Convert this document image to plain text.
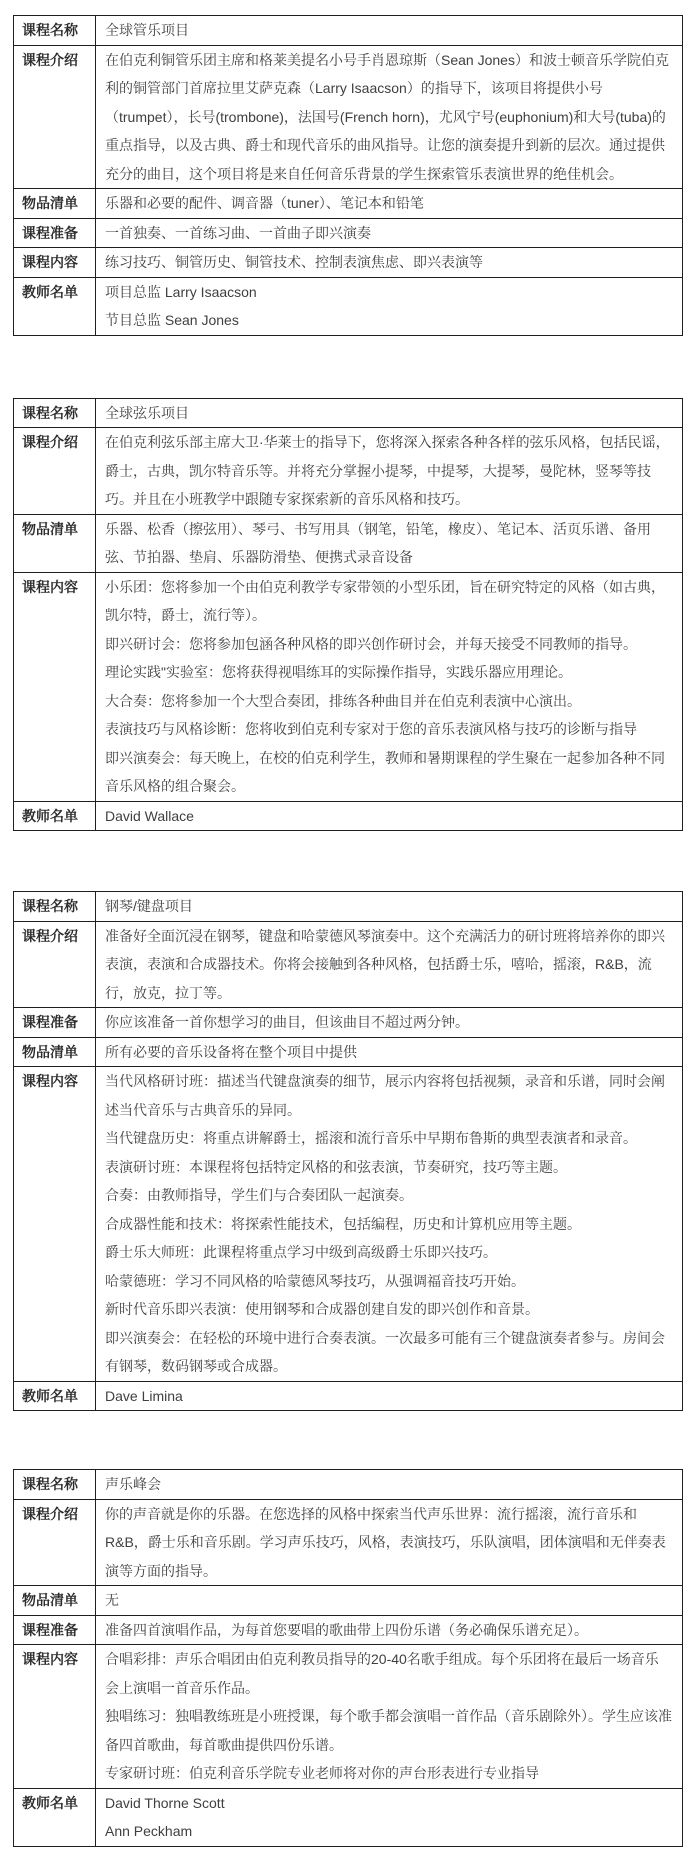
课程名称	全球管乐项目

课程介绍	在伯克利铜管乐团主席和格莱美提名小号手肖恩琼斯（Sean Jones）和波士顿音乐学院伯克利的铜管部门首席拉里艾萨克森（Larry Isaacson）的指导下，该项目将提供小号（trumpet），长号(trombone)，法国号(French horn)，尤风宁号(euphonium)和大号(tuba)的重点指导，以及古典、爵士和现代音乐的曲风指导。让您的演奏提升到新的层次。通过提供充分的曲目，这个项目将是来自任何音乐背景的学生探索管乐表演世界的绝佳机会。

物品清单	乐器和必要的配件、调音器（tuner）、笔记本和铅笔

课程准备	一首独奏、一首练习曲、一首曲子即兴演奏

课程内容	练习技巧、铜管历史、铜管技术、控制表演焦虑、即兴表演等

教师名单	项目总监 Larry Isaacson
节目总监 Sean Jones
课程名称	全球弦乐项目

课程介绍	在伯克利弦乐部主席大卫·华莱士的指导下，您将深入探索各种各样的弦乐风格，包括民谣，爵士，古典，凯尔特音乐等。并将充分掌握小提琴，中提琴，大提琴，曼陀林，竖琴等技巧。并且在小班教学中跟随专家探索新的音乐风格和技巧。

物品清单	乐器、松香（擦弦用）、琴弓、书写用具（钢笔，铅笔，橡皮）、笔记本、活页乐谱、备用弦、节拍器、垫肩、乐器防滑垫、便携式录音设备

课程内容	小乐团：您将参加一个由伯克利教学专家带领的小型乐团，旨在研究特定的风格（如古典，凯尔特，爵士，流行等）。
即兴研讨会：您将参加包涵各种风格的即兴创作研讨会，并每天接受不同教师的指导。
理论实践"实验室：您将获得视唱练耳的实际操作指导，实践乐器应用理论。
大合奏：您将参加一个大型合奏团，排练各种曲目并在伯克利表演中心演出。
表演技巧与风格诊断：您将收到伯克利专家对于您的音乐表演风格与技巧的诊断与指导
即兴演奏会：每天晚上，在校的伯克利学生，教师和暑期课程的学生聚在一起参加各种不同音乐风格的组合聚会。

教师名单	David Wallace
课程名称	钢琴/键盘项目

课程介绍	准备好全面沉浸在钢琴，键盘和哈蒙德风琴演奏中。这个充满活力的研讨班将培养你的即兴表演，表演和合成器技术。你将会接触到各种风格，包括爵士乐，嘻哈，摇滚，R&B，流行，放克，拉丁等。

课程准备	你应该准备一首你想学习的曲目，但该曲目不超过两分钟。

物品清单	所有必要的音乐设备将在整个项目中提供

课程内容	当代风格研讨班：描述当代键盘演奏的细节，展示内容将包括视频，录音和乐谱，同时会阐述当代音乐与古典音乐的异同。
当代键盘历史：将重点讲解爵士，摇滚和流行音乐中早期布鲁斯的典型表演者和录音。
表演研讨班：本课程将包括特定风格的和弦表演，节奏研究，技巧等主题。
合奏：由教师指导，学生们与合奏团队一起演奏。
合成器性能和技术：将探索性能技术，包括编程，历史和计算机应用等主题。
爵士乐大师班：此课程将重点学习中级到高级爵士乐即兴技巧。
哈蒙德班：学习不同风格的哈蒙德风琴技巧，从强调福音技巧开始。
新时代音乐即兴表演：使用钢琴和合成器创建自发的即兴创作和音景。
即兴演奏会：在轻松的环境中进行合奏表演。一次最多可能有三个键盘演奏者参与。房间会有钢琴，数码钢琴或合成器。

教师名单	Dave Limina
课程名称	声乐峰会

课程介绍	你的声音就是你的乐器。在您选择的风格中探索当代声乐世界：流行摇滚，流行音乐和R&B，爵士乐和音乐剧。学习声乐技巧，风格，表演技巧，乐队演唱，团体演唱和无伴奏表演等方面的指导。

物品清单	无

课程准备	准备四首演唱作品，为每首您要唱的歌曲带上四份乐谱（务必确保乐谱充足）。

课程内容	合唱彩排：声乐合唱团由伯克利教员指导的20-40名歌手组成。每个乐团将在最后一场音乐会上演唱一首音乐作品。
独唱练习：独唱教练班是小班授课，每个歌手都会演唱一首作品（音乐剧除外）。学生应该准备四首歌曲，每首歌曲提供四份乐谱。
专家研讨班：伯克利音乐学院专业老师将对你的声台形表进行专业指导

教师名单	David Thorne Scott
Ann Peckham
